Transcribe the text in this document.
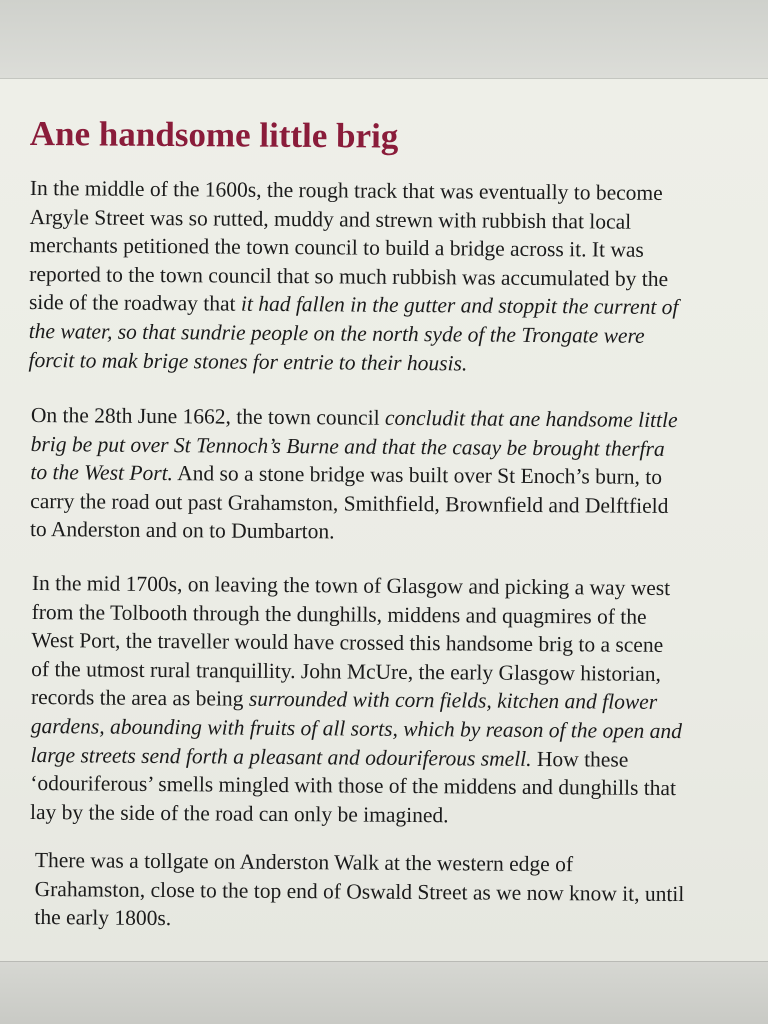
Ane handsome little brig

In the middle of the 1600s, the rough track that was eventually to become
Argyle Street was so rutted, muddy and strewn with rubbish that local
merchants petitioned the town council to build a bridge across it. It was
reported to the town council that so much rubbish was accumulated by the
side of the roadway that it had fallen in the gutter and stoppit the current of
the water, so that sundrie people on the north syde of the Trongate were
forcit to mak brige stones for entrie to their housis.

On the 28th June 1662, the town council concludit that ane handsome little
brig be put over St Tennoch’s Burne and that the casay be brought therfra
to the West Port. And so a stone bridge was built over St Enoch’s burn, to
carry the road out past Grahamston, Smithfield, Brownfield and Delftfield
to Anderston and on to Dumbarton.

In the mid 1700s, on leaving the town of Glasgow and picking a way west
from the Tolbooth through the dunghills, middens and quagmires of the
West Port, the traveller would have crossed this handsome brig to a scene
of the utmost rural tranquillity. John McUre, the early Glasgow historian,
records the area as being surrounded with corn fields, kitchen and flower
gardens, abounding with fruits of all sorts, which by reason of the open and
large streets send forth a pleasant and odouriferous smell. How these
‘odouriferous’ smells mingled with those of the middens and dunghills that
lay by the side of the road can only be imagined.

There was a tollgate on Anderston Walk at the western edge of
Grahamston, close to the top end of Oswald Street as we now know it, until
the early 1800s.
